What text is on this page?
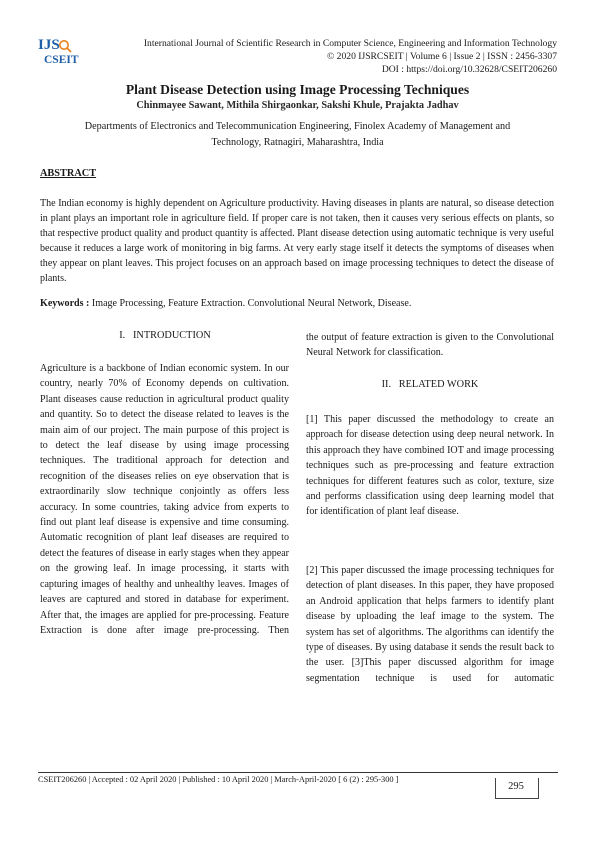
IJS
CSEIT
International Journal of Scientific Research in Computer Science, Engineering and Information Technology
© 2020 IJSRCSEIT | Volume 6 | Issue 2 | ISSN : 2456-3307
DOI : https://doi.org/10.32628/CSEIT206260
Plant Disease Detection using Image Processing Techniques
Chinmayee Sawant, Mithila Shirgaonkar, Sakshi Khule, Prajakta Jadhav
Departments of Electronics and Telecommunication Engineering, Finolex Academy of Management and
Technology, Ratnagiri, Maharashtra, India
ABSTRACT
The Indian economy is highly dependent on Agriculture productivity. Having diseases in plants are natural, so disease detection in plant plays an important role in agriculture field. If proper care is not taken, then it causes very serious effects on plants, so that respective product quality and product quantity is affected. Plant disease detection using automatic technique is very useful because it reduces a large work of monitoring in big farms. At very early stage itself it detects the symptoms of diseases when they appear on plant leaves. This project focuses on an approach based on image processing techniques to detect the disease of plants.
Keywords : Image Processing, Feature Extraction. Convolutional Neural Network, Disease.
I.   INTRODUCTION
Agriculture is a backbone of Indian economic system. In our country, nearly 70% of Economy depends on cultivation. Plant diseases cause reduction in agricultural product quality and quantity. So to detect the disease related to leaves is the main aim of our project. The main purpose of this project is to detect the leaf disease by using image processing techniques. The traditional approach for detection and recognition of the diseases relies on eye observation that is extraordinarily slow technique conjointly as offers less accuracy. In some countries, taking advice from experts to find out plant leaf disease is expensive and time consuming. Automatic recognition of plant leaf diseases are required to detect the features of disease in early stages when they appear on the growing leaf. In image processing, it starts with capturing images of healthy and unhealthy leaves. Images of leaves are captured and stored in database for experiment. After that, the images are applied for pre-processing. Feature Extraction is done after image pre-processing. Then
the output of feature extraction is given to the Convolutional Neural Network for classification.
II.   RELATED WORK
[1] This paper discussed the methodology to create an approach for disease detection using deep neural network. In this approach they have combined IOT and image processing techniques such as pre-processing and feature extraction techniques for different features such as color, texture, size and performs classification using deep learning model that for identification of plant leaf disease.
[2] This paper discussed the image processing techniques for detection of plant diseases. In this paper, they have proposed an Android application that helps farmers to identify plant disease by uploading the leaf image to the system. The system has set of algorithms. The algorithms can identify the type of diseases. By using database it sends the result back to the user. [3]This paper discussed algorithm for image segmentation technique is used for automatic
CSEIT206260 | Accepted : 02 April 2020 | Published : 10 April 2020 | March-April-2020 [ 6 (2) : 295-300 ]
295
